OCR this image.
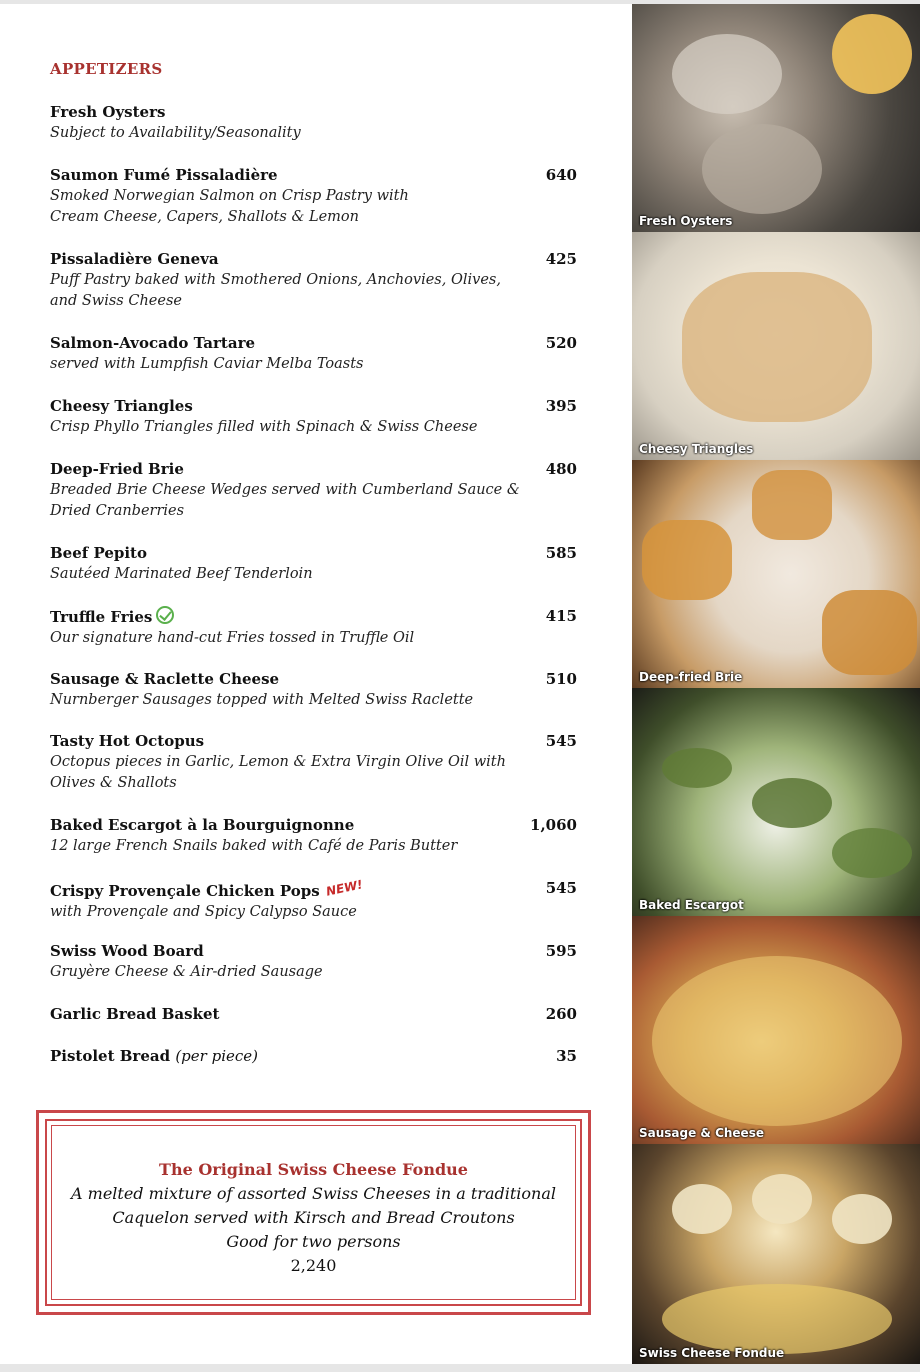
APPETIZERS
Fresh Oysters
Subject to Availability/Seasonality
Saumon Fumé Pissaladière
Smoked Norwegian Salmon on Crisp Pastry with Cream Cheese, Capers, Shallots & Lemon
640
Pissaladière Geneva
Puff Pastry baked with Smothered Onions, Anchovies, Olives, and Swiss Cheese
425
Salmon-Avocado Tartare
served with Lumpfish Caviar Melba Toasts
520
Cheesy Triangles
Crisp Phyllo Triangles filled with Spinach & Swiss Cheese
395
Deep-Fried Brie
Breaded Brie Cheese Wedges served with Cumberland Sauce & Dried Cranberries
480
Beef Pepito
Sautéed Marinated Beef Tenderloin
585
Truffle Fries
Our signature hand-cut Fries tossed in Truffle Oil
415
Sausage & Raclette Cheese
Nurnberger Sausages topped with Melted Swiss Raclette
510
Tasty Hot Octopus
Octopus pieces in Garlic, Lemon & Extra Virgin Olive Oil with Olives & Shallots
545
Baked Escargot à la Bourguignonne
12 large French Snails baked with Café de Paris Butter
1,060
Crispy Provençale Chicken Pops NEW!
with Provençale and Spicy Calypso Sauce
545
Swiss Wood Board
Gruyère Cheese & Air-dried Sausage
595
Garlic Bread Basket	260
Pistolet Bread (per piece)	35
The Original Swiss Cheese Fondue
A melted mixture of assorted Swiss Cheeses in a traditional
Caquelon served with Kirsch and Bread Croutons
Good for two persons
2,240
Fresh Oysters
Cheesy Triangles
Deep-fried Brie
Baked Escargot
Sausage & Cheese
Swiss Cheese Fondue
